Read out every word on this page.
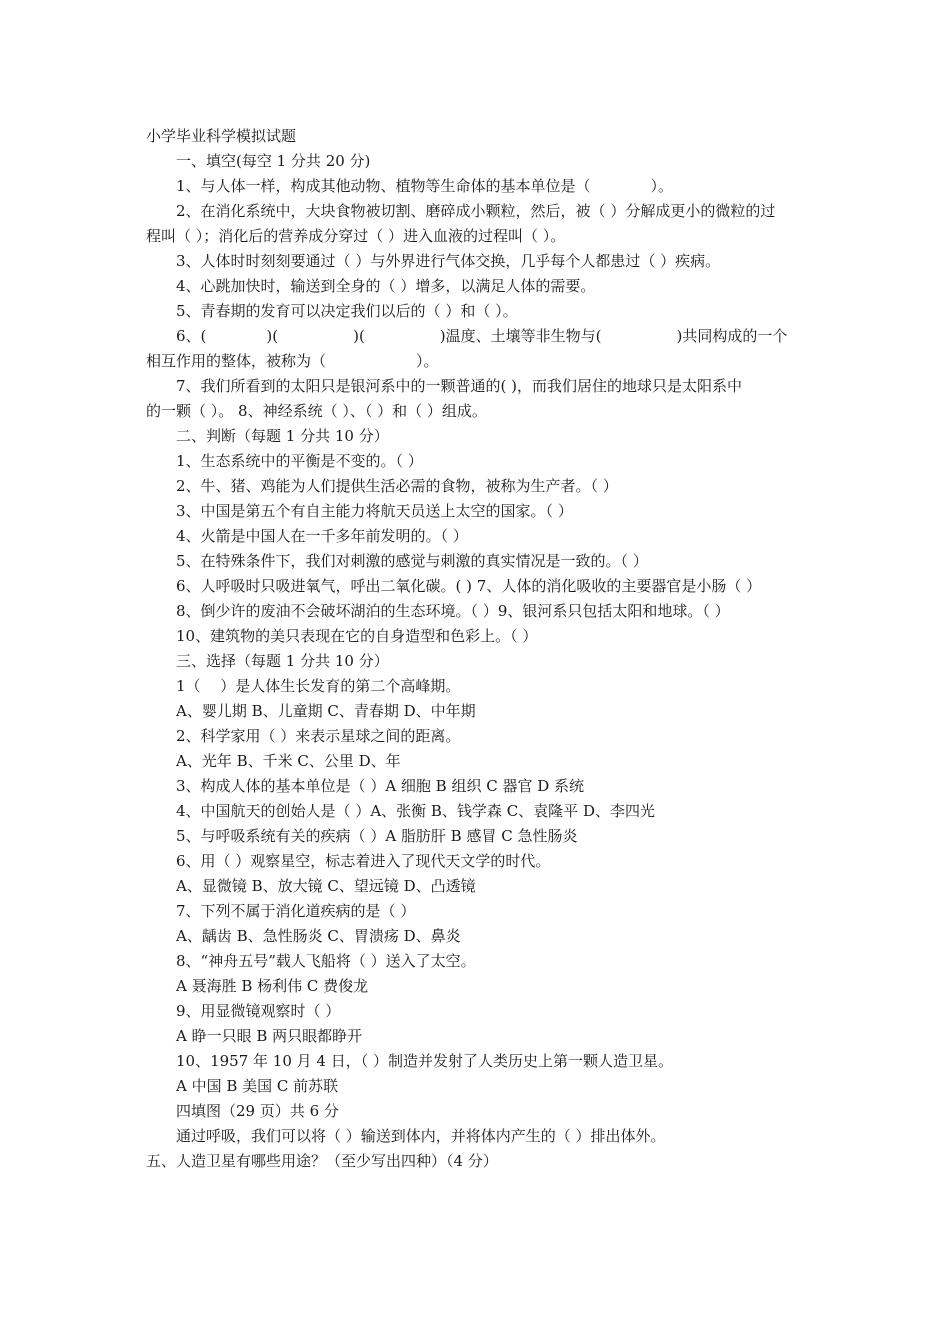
小学毕业科学模拟试题

一、填空(每空 1 分共 20 分)

1、与人体一样，构成其他动物、植物等生命体的基本单位是（　　　　）。

2、在消化系统中，大块食物被切割、磨碎成小颗粒，然后，被（ ）分解成更小的微粒的过

程叫（ ）；消化后的营养成分穿过（ ）进入血液的过程叫（ ）。

3、人体时时刻刻要通过（ ）与外界进行气体交换，几乎每个人都患过（ ）疾病。

4、心跳加快时，输送到全身的（ ）增多，以满足人体的需要。

5、青春期的发育可以决定我们以后的（ ）和（ ）。

6、(　　　　)(　　　　　)(　　　　　)温度、土壤等非生物与(　　　　　)共同构成的一个

相互作用的整体，被称为（　　　　　　）。

7、我们所看到的太阳只是银河系中的一颗普通的( )，而我们居住的地球只是太阳系中

的一颗（ ）。 8、神经系统（ ）、（ ）和（ ）组成。

二、判断（每题 1 分共 10 分）

1、生态系统中的平衡是不变的。（ ）

2、牛、猪、鸡能为人们提供生活必需的食物，被称为生产者。（ ）

3、中国是第五个有自主能力将航天员送上太空的国家。（ ）

4、火箭是中国人在一千多年前发明的。（ ）

5、在特殊条件下，我们对刺激的感觉与刺激的真实情况是一致的。（ ）

6、人呼吸时只吸进氧气，呼出二氧化碳。( ) 7、人体的消化吸收的主要器官是小肠（ ）

8、倒少许的废油不会破坏湖泊的生态环境。（ ）9、银河系只包括太阳和地球。（ ）

10、建筑物的美只表现在它的自身造型和色彩上。（ ）

三、选择（每题 1 分共 10 分）

1（　 ）是人体生长发育的第二个高峰期。

A、婴儿期 B、儿童期 C、青春期 D、中年期

2、科学家用（ ）来表示星球之间的距离。

A、光年 B、千米 C、公里 D、年

3、构成人体的基本单位是（ ）A 细胞 B 组织 C 器官 D 系统

4、中国航天的创始人是（ ）A、张衡 B、钱学森 C、袁隆平 D、李四光

5、与呼吸系统有关的疾病（ ）A 脂肪肝 B 感冒 C 急性肠炎

6、用（ ）观察星空，标志着进入了现代天文学的时代。

A、显微镜 B、放大镜 C、望远镜 D、凸透镜

7、下列不属于消化道疾病的是（ ）

A、龋齿 B、急性肠炎 C、胃溃疡 D、鼻炎

8、“神舟五号”载人飞船将（ ）送入了太空。

A 聂海胜 B 杨利伟 C 费俊龙

9、用显微镜观察时（ ）

A 睁一只眼 B 两只眼都睁开

10、1957 年 10 月 4 日，（ ）制造并发射了人类历史上第一颗人造卫星。

A 中国 B 美国 C 前苏联

四填图（29 页）共 6 分

通过呼吸，我们可以将（ ）输送到体内，并将体内产生的（ ）排出体外。

五、人造卫星有哪些用途？（至少写出四种）（4 分）
